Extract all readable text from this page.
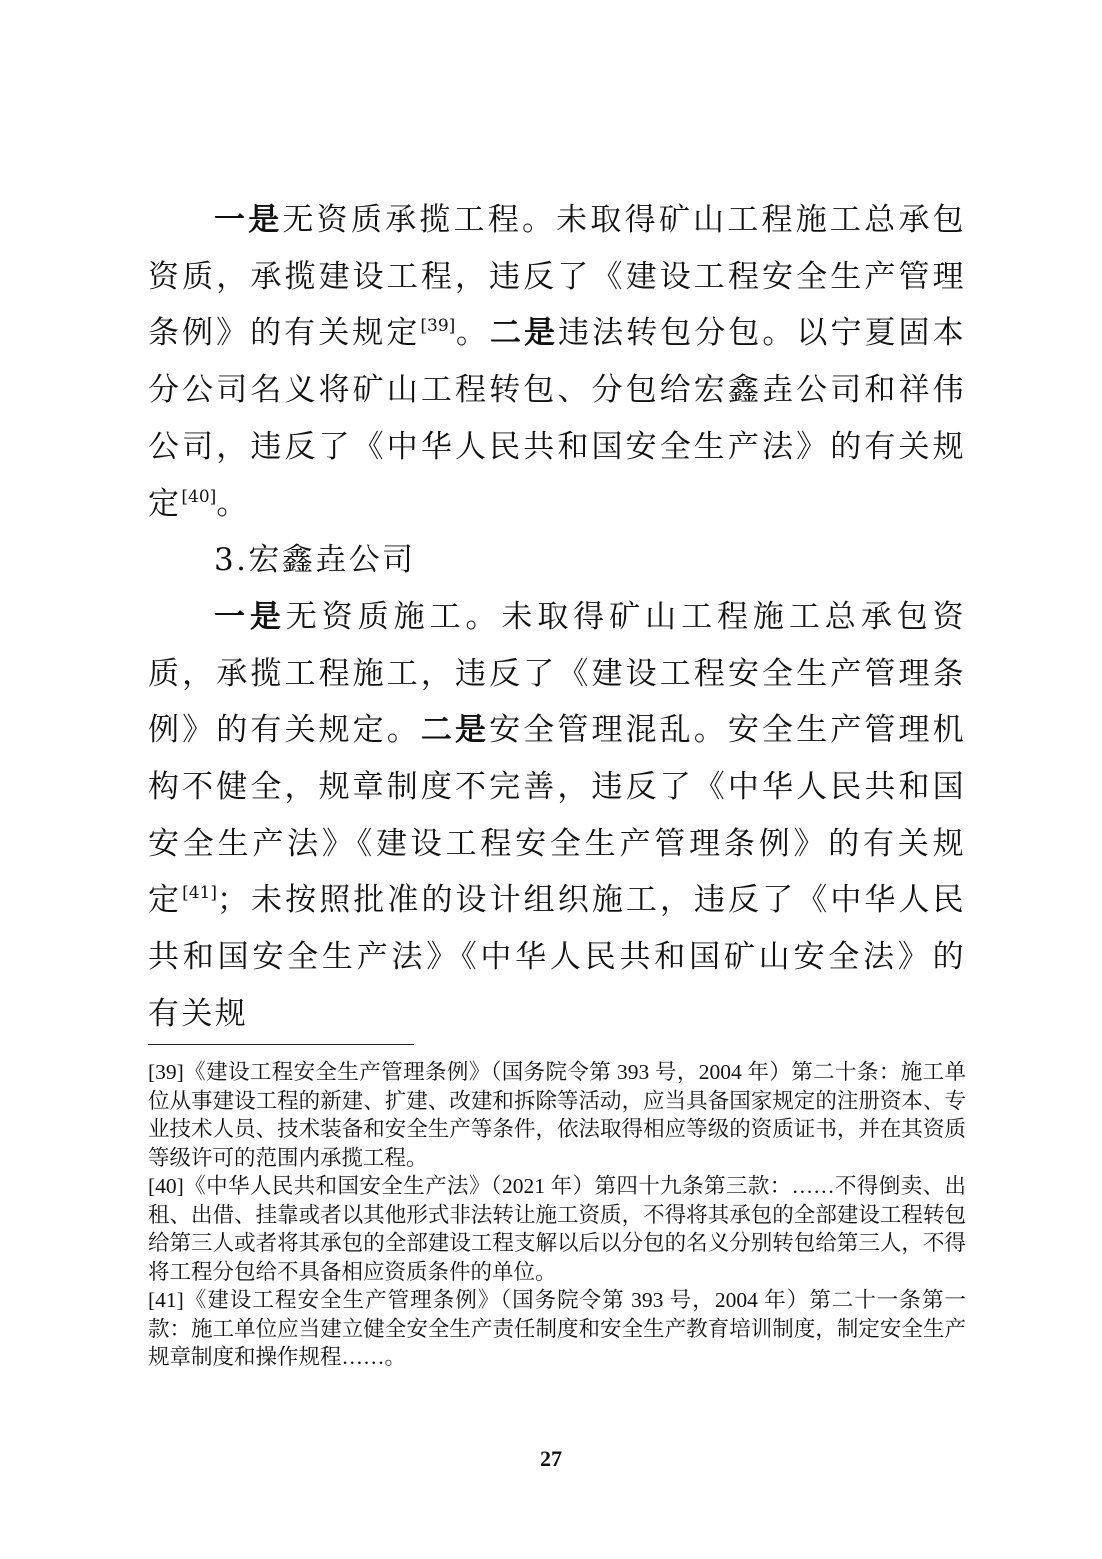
一是无资质承揽工程。未取得矿山工程施工总承包资质，承揽建设工程，违反了《建设工程安全生产管理条例》的有关规定[39]。二是违法转包分包。以宁夏固本分公司名义将矿山工程转包、分包给宏鑫垚公司和祥伟公司，违反了《中华人民共和国安全生产法》的有关规定[40]。

3.宏鑫垚公司

一是无资质施工。未取得矿山工程施工总承包资质，承揽工程施工，违反了《建设工程安全生产管理条例》的有关规定。二是安全管理混乱。安全生产管理机构不健全，规章制度不完善，违反了《中华人民共和国安全生产法》《建设工程安全生产管理条例》的有关规定[41]；未按照批准的设计组织施工，违反了《中华人民共和国安全生产法》《中华人民共和国矿山安全法》的有关规

[39]《建设工程安全生产管理条例》（国务院令第 393 号，2004 年）第二十条：施工单位从事建设工程的新建、扩建、改建和拆除等活动，应当具备国家规定的注册资本、专业技术人员、技术装备和安全生产等条件，依法取得相应等级的资质证书，并在其资质等级许可的范围内承揽工程。

[40]《中华人民共和国安全生产法》（2021 年）第四十九条第三款：……不得倒卖、出租、出借、挂靠或者以其他形式非法转让施工资质，不得将其承包的全部建设工程转包给第三人或者将其承包的全部建设工程支解以后以分包的名义分别转包给第三人，不得将工程分包给不具备相应资质条件的单位。

[41]《建设工程安全生产管理条例》（国务院令第 393 号，2004 年）第二十一条第一款：施工单位应当建立健全安全生产责任制度和安全生产教育培训制度，制定安全生产规章制度和操作规程……。

27
